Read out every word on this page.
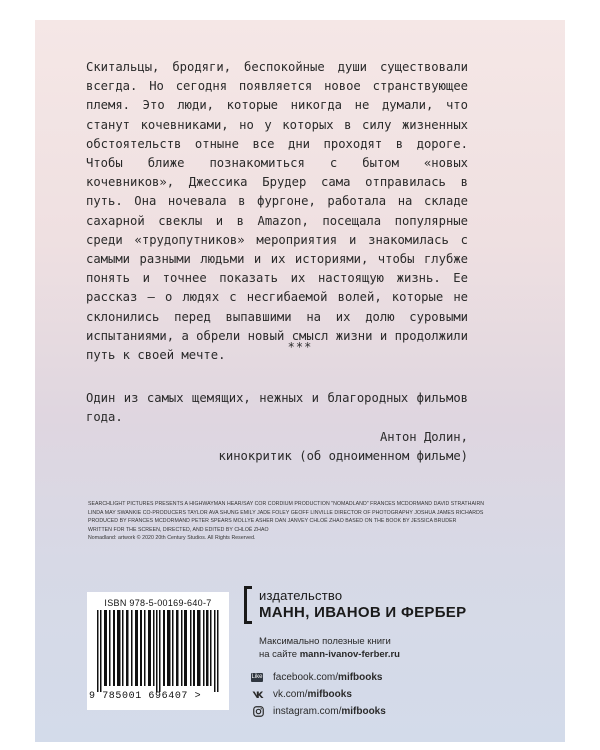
Скитальцы, бродяги, беспокойные души существовали всегда. Но сегодня появляется новое странствующее племя. Это люди, которые никогда не думали, что станут кочевниками, но у которых в силу жизненных обстоятельств отныне все дни проходят в дороге. Чтобы ближе познакомиться с бытом «новых кочевников», Джессика Брудер сама отправилась в путь. Она ночевала в фургоне, работала на складе сахарной свеклы и в Amazon, посещала популярные среди «трудопутников» мероприятия и знакомилась с самыми разными людьми и их историями, чтобы глубже понять и точнее показать их настоящую жизнь. Ее рассказ — о людях с несгибаемой волей, которые не склонились перед выпавшими на их долю суровыми испытаниями, а обрели новый смысл жизни и продолжили путь к своей мечте.

***

Один из самых щемящих, нежных и благородных фильмов года.

Антон Долин,
кинокритик (об одноименном фильме)
SEARCHLIGHT PICTURES PRESENTS A HIGHWAYMAN HEAR/SAY COR CORDIUM PRODUCTION "NOMADLAND" FRANCES MCDORMAND DAVID STRATHAIRN
LINDA MAY SWANKIE CO-PRODUCERS TAYLOR AVA SHUNG EMILY JADE FOLEY GEOFF LINVILLE DIRECTOR OF PHOTOGRAPHY JOSHUA JAMES RICHARDS
PRODUCED BY FRANCES MCDORMAND PETER SPEARS MOLLYE ASHER DAN JANVEY CHLOÉ ZHAO BASED ON THE BOOK BY JESSICA BRUDER
WRITTEN FOR THE SCREEN, DIRECTED, AND EDITED BY CHLOÉ ZHAO
Nomadland: artwork © 2020 20th Century Studios. All Rights Reserved.
ISBN 978-5-00169-640-7
9 785001 696407 >
издательство
МАНН, ИВАНОВ И ФЕРБЕР
Максимально полезные книги
на сайте mann-ivanov-ferber.ru
Like facebook.com/ mifbooks
vk.com/ mifbooks
instagram.com/ mifbooks
